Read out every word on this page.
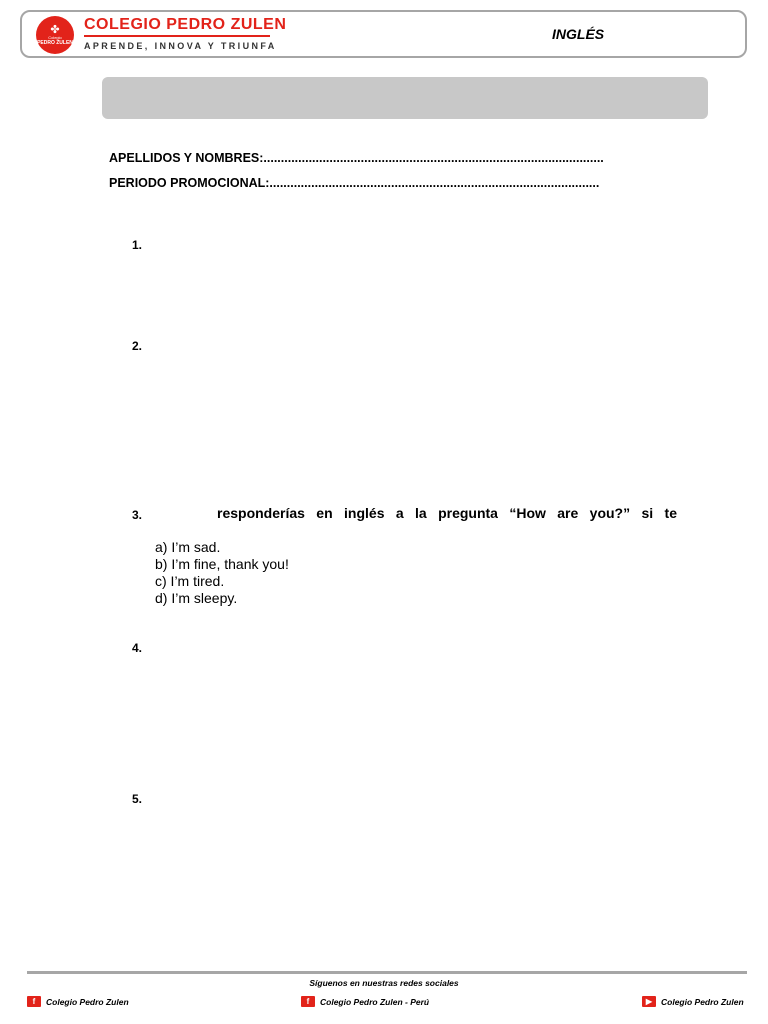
✤
Colegio
PEDRO ZULEN
COLEGIO PEDRO ZULEN
APRENDE, INNOVA Y TRIUNFA
INGLÉS
APELLIDOS Y NOMBRES:..................................................................................................
PERIODO PROMOCIONAL:...............................................................................................
1.
2.
3.	responderías en inglés a la pregunta “How are you?” si te
a) I’m sad.
b) I’m fine, thank you!
c) I’m tired.
d) I’m sleepy.
4.
5.
Síguenos en nuestras redes sociales
f	Colegio Pedro Zulen	f	Colegio Pedro Zulen - Perú	▶	Colegio Pedro Zulen
